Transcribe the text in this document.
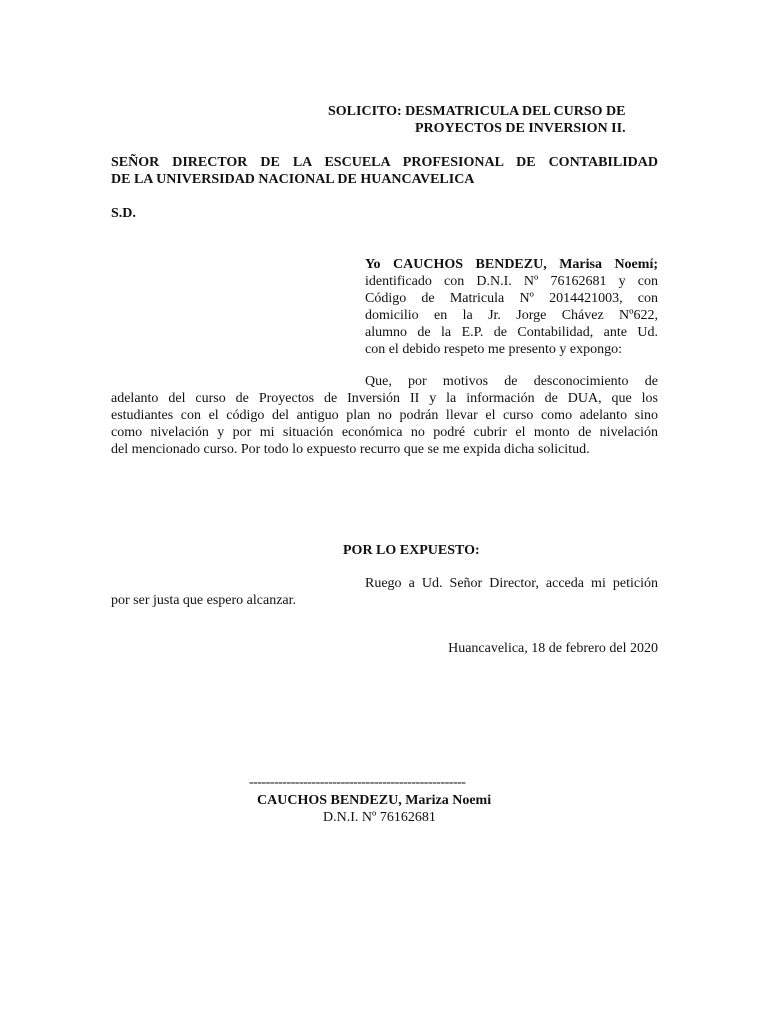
SOLICITO: DESMATRICULA DEL CURSO DE
PROYECTOS DE INVERSION II.
SEÑOR DIRECTOR DE LA ESCUELA PROFESIONAL DE CONTABILIDAD
DE LA UNIVERSIDAD NACIONAL DE HUANCAVELICA
S.D.
Yo CAUCHOS BENDEZU, Marisa Noemí;
identificado con D.N.I. Nº 76162681 y con
Código de Matricula Nº 2014421003, con
domicilio en la Jr. Jorge Chávez Nº622,
alumno de la E.P. de Contabilidad, ante Ud.
con el debido respeto me presento y expongo:
Que, por motivos de desconocimiento de
adelanto del curso de Proyectos de Inversión II y la información de DUA, que los
estudiantes con el código del antiguo plan no podrán llevar el curso como adelanto sino
como nivelación y por mi situación económica no podré cubrir el monto de nivelación
del mencionado curso. Por todo lo expuesto recurro que se me expida dicha solicitud.
POR LO EXPUESTO:
Ruego a Ud. Señor Director, acceda mi petición
por ser justa que espero alcanzar.
Huancavelica, 18 de febrero del 2020
----------------------------------------------------
CAUCHOS BENDEZU, Mariza Noemi
D.N.I. Nº 76162681
